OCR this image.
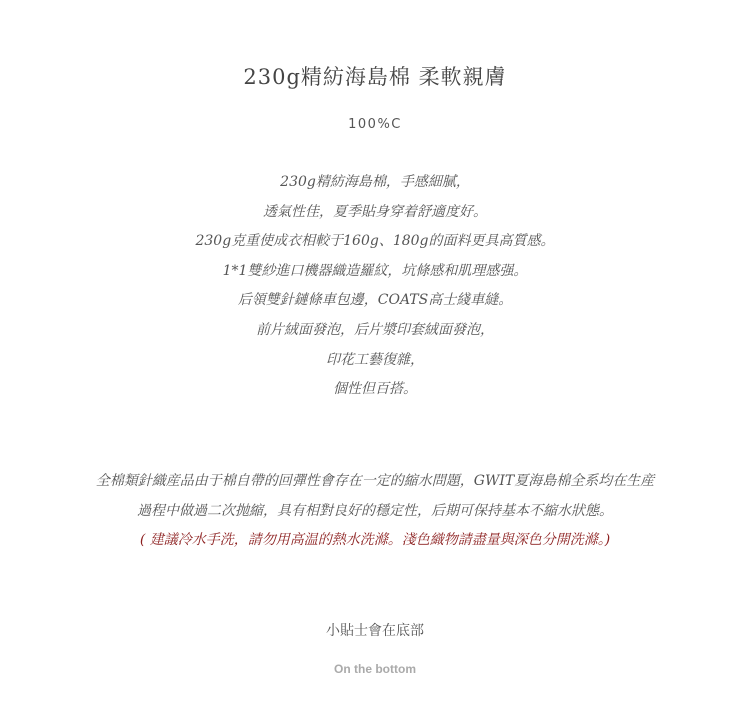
230g精紡海島棉 柔軟親膚
100%C
230g精紡海島棉，手感細膩，
透氣性佳，夏季貼身穿着舒適度好。
230g克重使成衣相較于160g、180g的面料更具高質感。
1*1雙紗進口機器織造羅紋，坑條感和肌理感强。
后領雙針鏈條車包邊，COATS高士綫車縫。
前片絨面發泡，后片漿印套絨面發泡，
印花工藝復雜，
個性但百搭。
全棉類針織産品由于棉自帶的回彈性會存在一定的縮水問題，GWIT夏海島棉全系均在生産
過程中做過二次抛縮，具有相對良好的穩定性，后期可保持基本不縮水狀態。
( 建議冷水手洗，請勿用高温的熱水洗滌。淺色織物請盡量與深色分開洗滌。)
小貼士會在底部
On the bottom
